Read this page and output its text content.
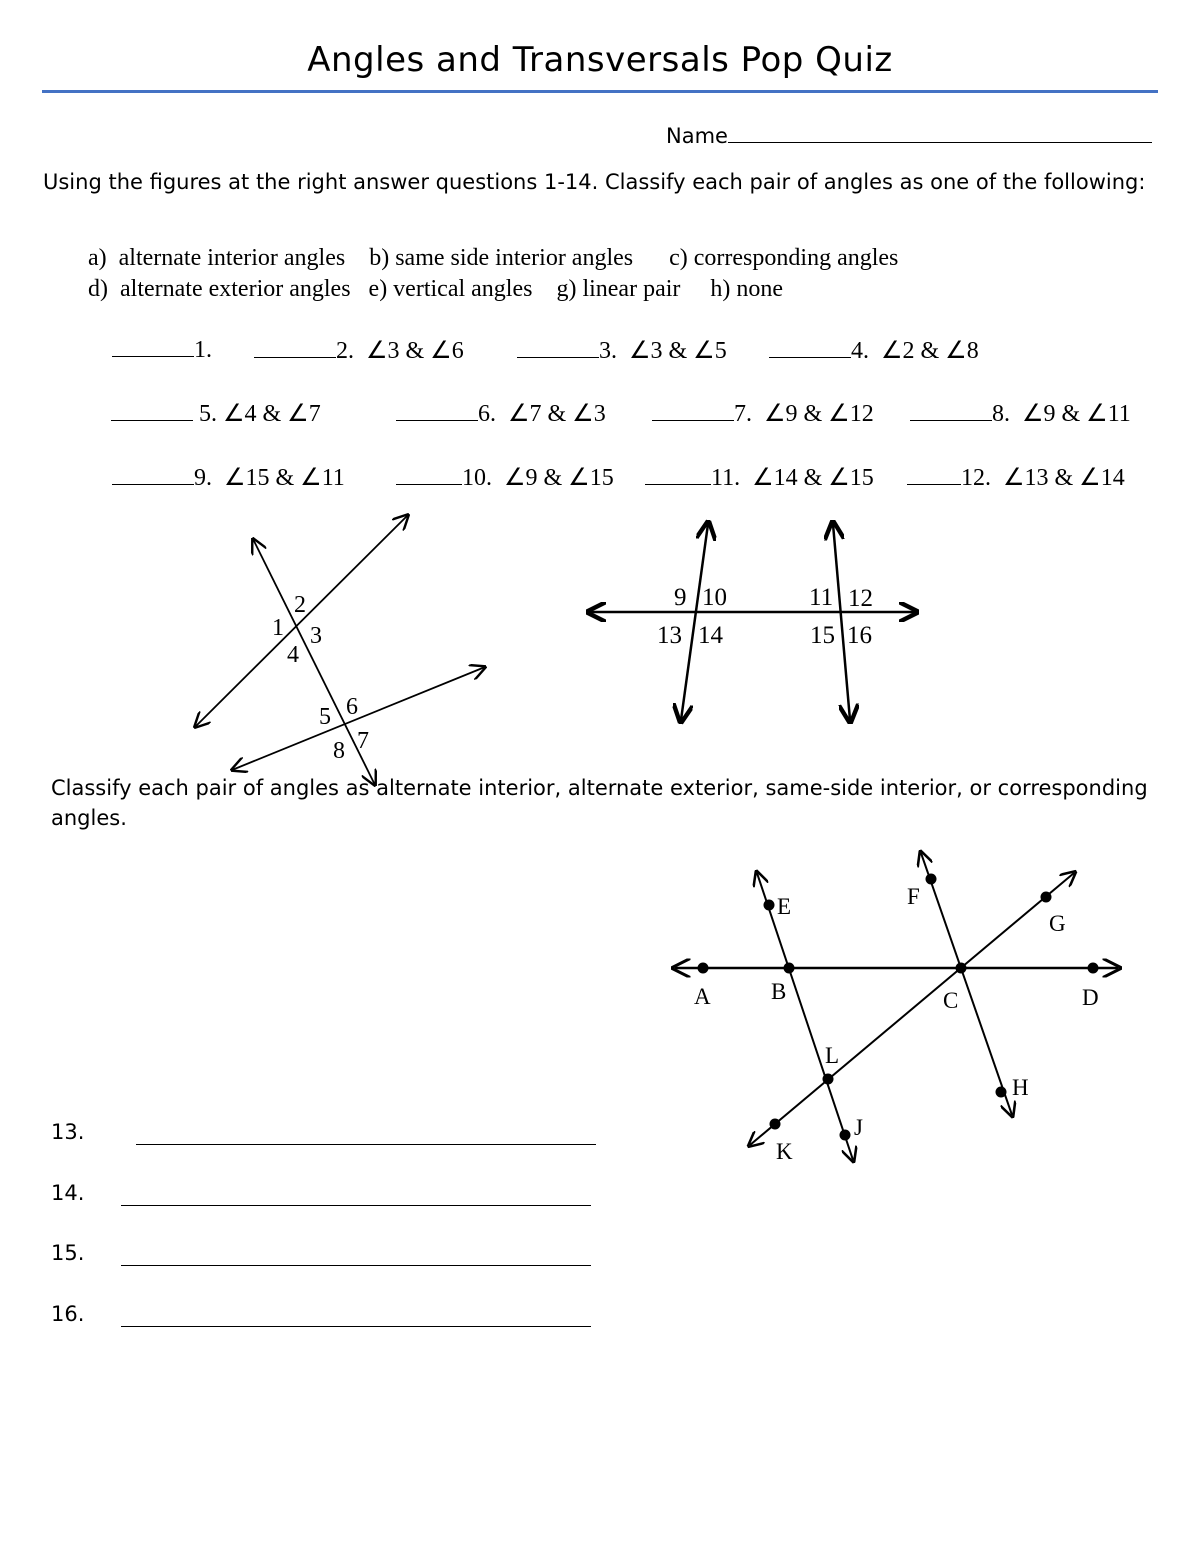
Angles and Transversals Pop Quiz
Name
Using the figures at the right answer questions 1-14. Classify each pair of angles as one of the following:
a)  alternate interior angles    b) same side interior angles      c) corresponding angles
d)  alternate exterior angles   e) vertical angles    g) linear pair     h) none
1.	2. ∠3 & ∠6	3. ∠3 & ∠5	4. ∠2 & ∠8
5. ∠4 & ∠7	6. ∠7 & ∠3	7. ∠9 & ∠12	8. ∠9 & ∠11
9. ∠15 & ∠11	10. ∠9 & ∠15	11. ∠14 & ∠15	12. ∠13 & ∠14
1
2
3
4
5 6
7
8
9 10	11 12
13 14	15 16
Classify each pair of angles as alternate interior, alternate exterior, same-side interior, or corresponding angles.
A	B	C	D
E	F
G
H
J
K
L
13.
14.
15.
16.
